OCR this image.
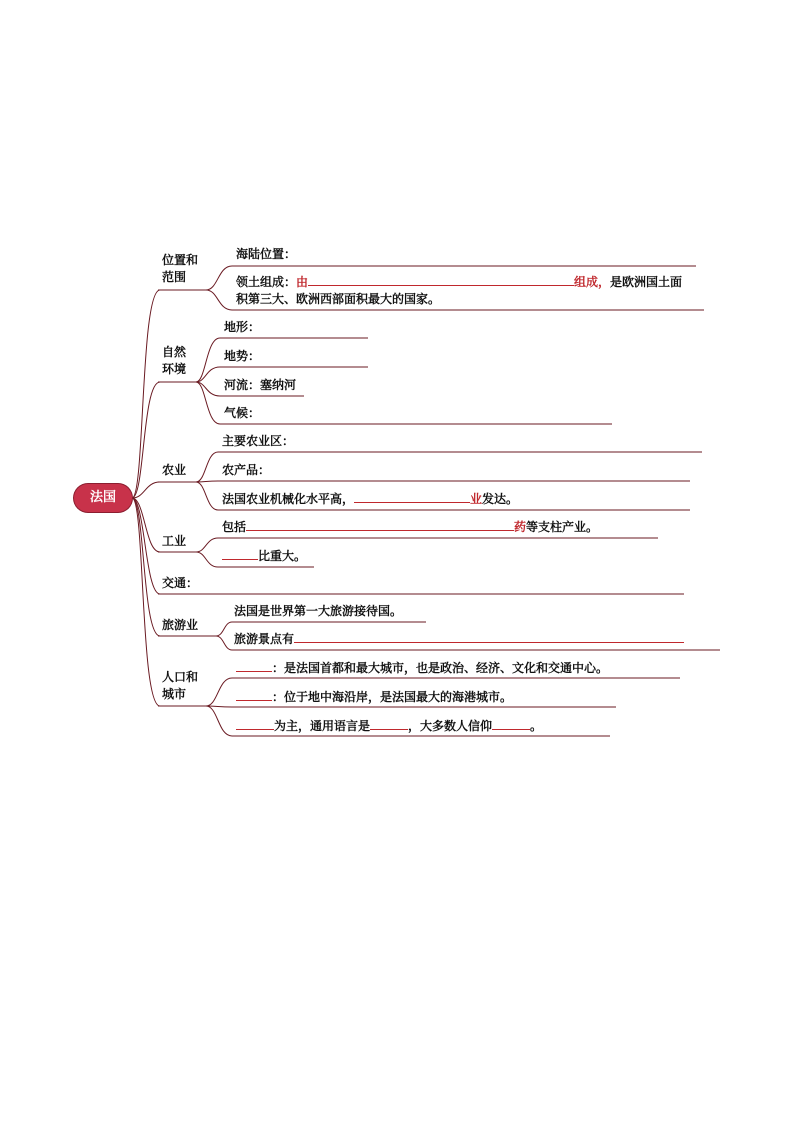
法国
位置和
范围
自然
环境
农业
工业
交通：
旅游业
人口和
城市
海陆位置：
领土组成：由	组成，是欧洲国土面
积第三大、欧洲西部面积最大的国家。
地形：
地势：
河流：塞纳河
气候：
主要农业区：
农产品：
法国农业机械化水平高，	业发达。
包括	药等支柱产业。
比重大。
法国是世界第一大旅游接待国。
旅游景点有
：是法国首都和最大城市，也是政治、经济、文化和交通中心。
：位于地中海沿岸，是法国最大的海港城市。
为主，通用语言是	，大多数人信仰	。
